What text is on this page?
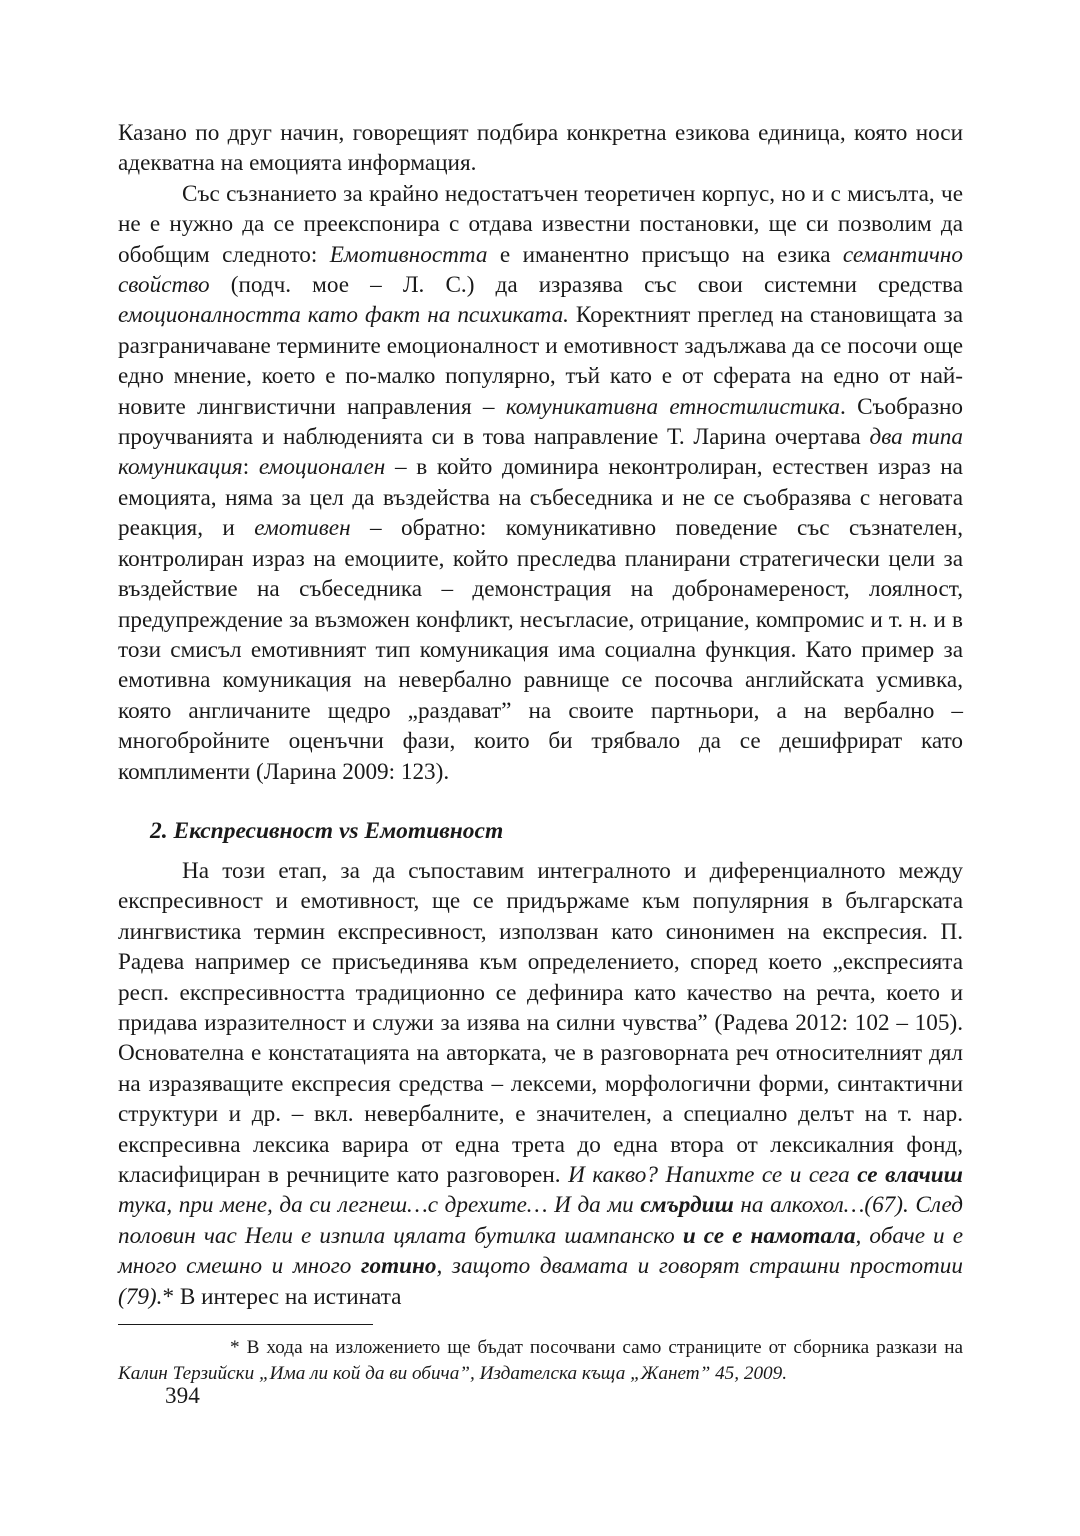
Казано по друг начин, говорещият подбира конкретна езикова единица, която носи адекватна на емоцията информация.

Със съзнанието за крайно недостатъчен теоретичен корпус, но и с мисълта, че не е нужно да се преекспонира с отдава известни постановки, ще си позволим да обобщим следното: Емотивността е иманентно присъщо на езика семантично свойство (подч. мое – Л. С.) да изразява със свои системни средства емоционалността като факт на психиката. Коректният преглед на становищата за разграничаване термините емоционалност и емотивност задължава да се посочи още едно мнение, което е по-малко популярно, тъй като е от сферата на едно от най-новите лингвистични направления – комуникативна етностилистика. Съобразно проучванията и наблюденията си в това направление Т. Ларина очертава два типа комуникация: емоционален – в който доминира неконтролиран, естествен израз на емоцията, няма за цел да въздейства на събеседника и не се съобразява с неговата реакция, и емотивен – обратно: комуникативно поведение със съзнателен, контролиран израз на емоциите, който преследва планирани стратегически цели за въздействие на събеседника – демонстрация на добронамереност, лоялност, предупреждение за възможен конфликт, несъгласие, отрицание, компромис и т. н. и в този смисъл емотивният тип комуникация има социална функция. Като пример за емотивна комуникация на невербално равнище се посочва английската усмивка, която англичаните щедро „раздават” на своите партньори, а на вербално – многобройните оценъчни фази, които би трябвало да се дешифрират като комплименти (Ларина 2009: 123).

2. Експресивност vs Емотивност

На този етап, за да съпоставим интегралното и диференциалното между експресивност и емотивност, ще се придържаме към популярния в българската лингвистика термин експресивност, използван като синонимен на експресия. П. Радева например се присъединява към определението, според което „експресията респ. експресивността традиционно се дефинира като качество на речта, което и придава изразителност и служи за изява на силни чувства” (Радева 2012: 102 – 105). Основателна е констатацията на авторката, че в разговорната реч относителният дял на изразяващите експресия средства – лексеми, морфологични форми, синтактични структури и др. – вкл. невербалните, е значителен, а специално делът на т. нар. експресивна лексика варира от една трета до една втора от лексикалния фонд, класифициран в речниците като разговорен. И какво? Напихте се и сега се влачиш тука, при мене, да си легнеш…с дрехите… И да ми смърдиш на алкохол…(67). След половин час Нели е изпила цялата бутилка шампанско и се е намотала, обаче и е много смешно и много готино, защото двамата и говорят страшни простотии (79).* В интерес на истината

* В хода на изложението ще бъдат посочвани само страниците от сборника разкази на Калин Терзийски „Има ли кой да ви обича”, Издателска къща „Жанет” 45, 2009.

394
